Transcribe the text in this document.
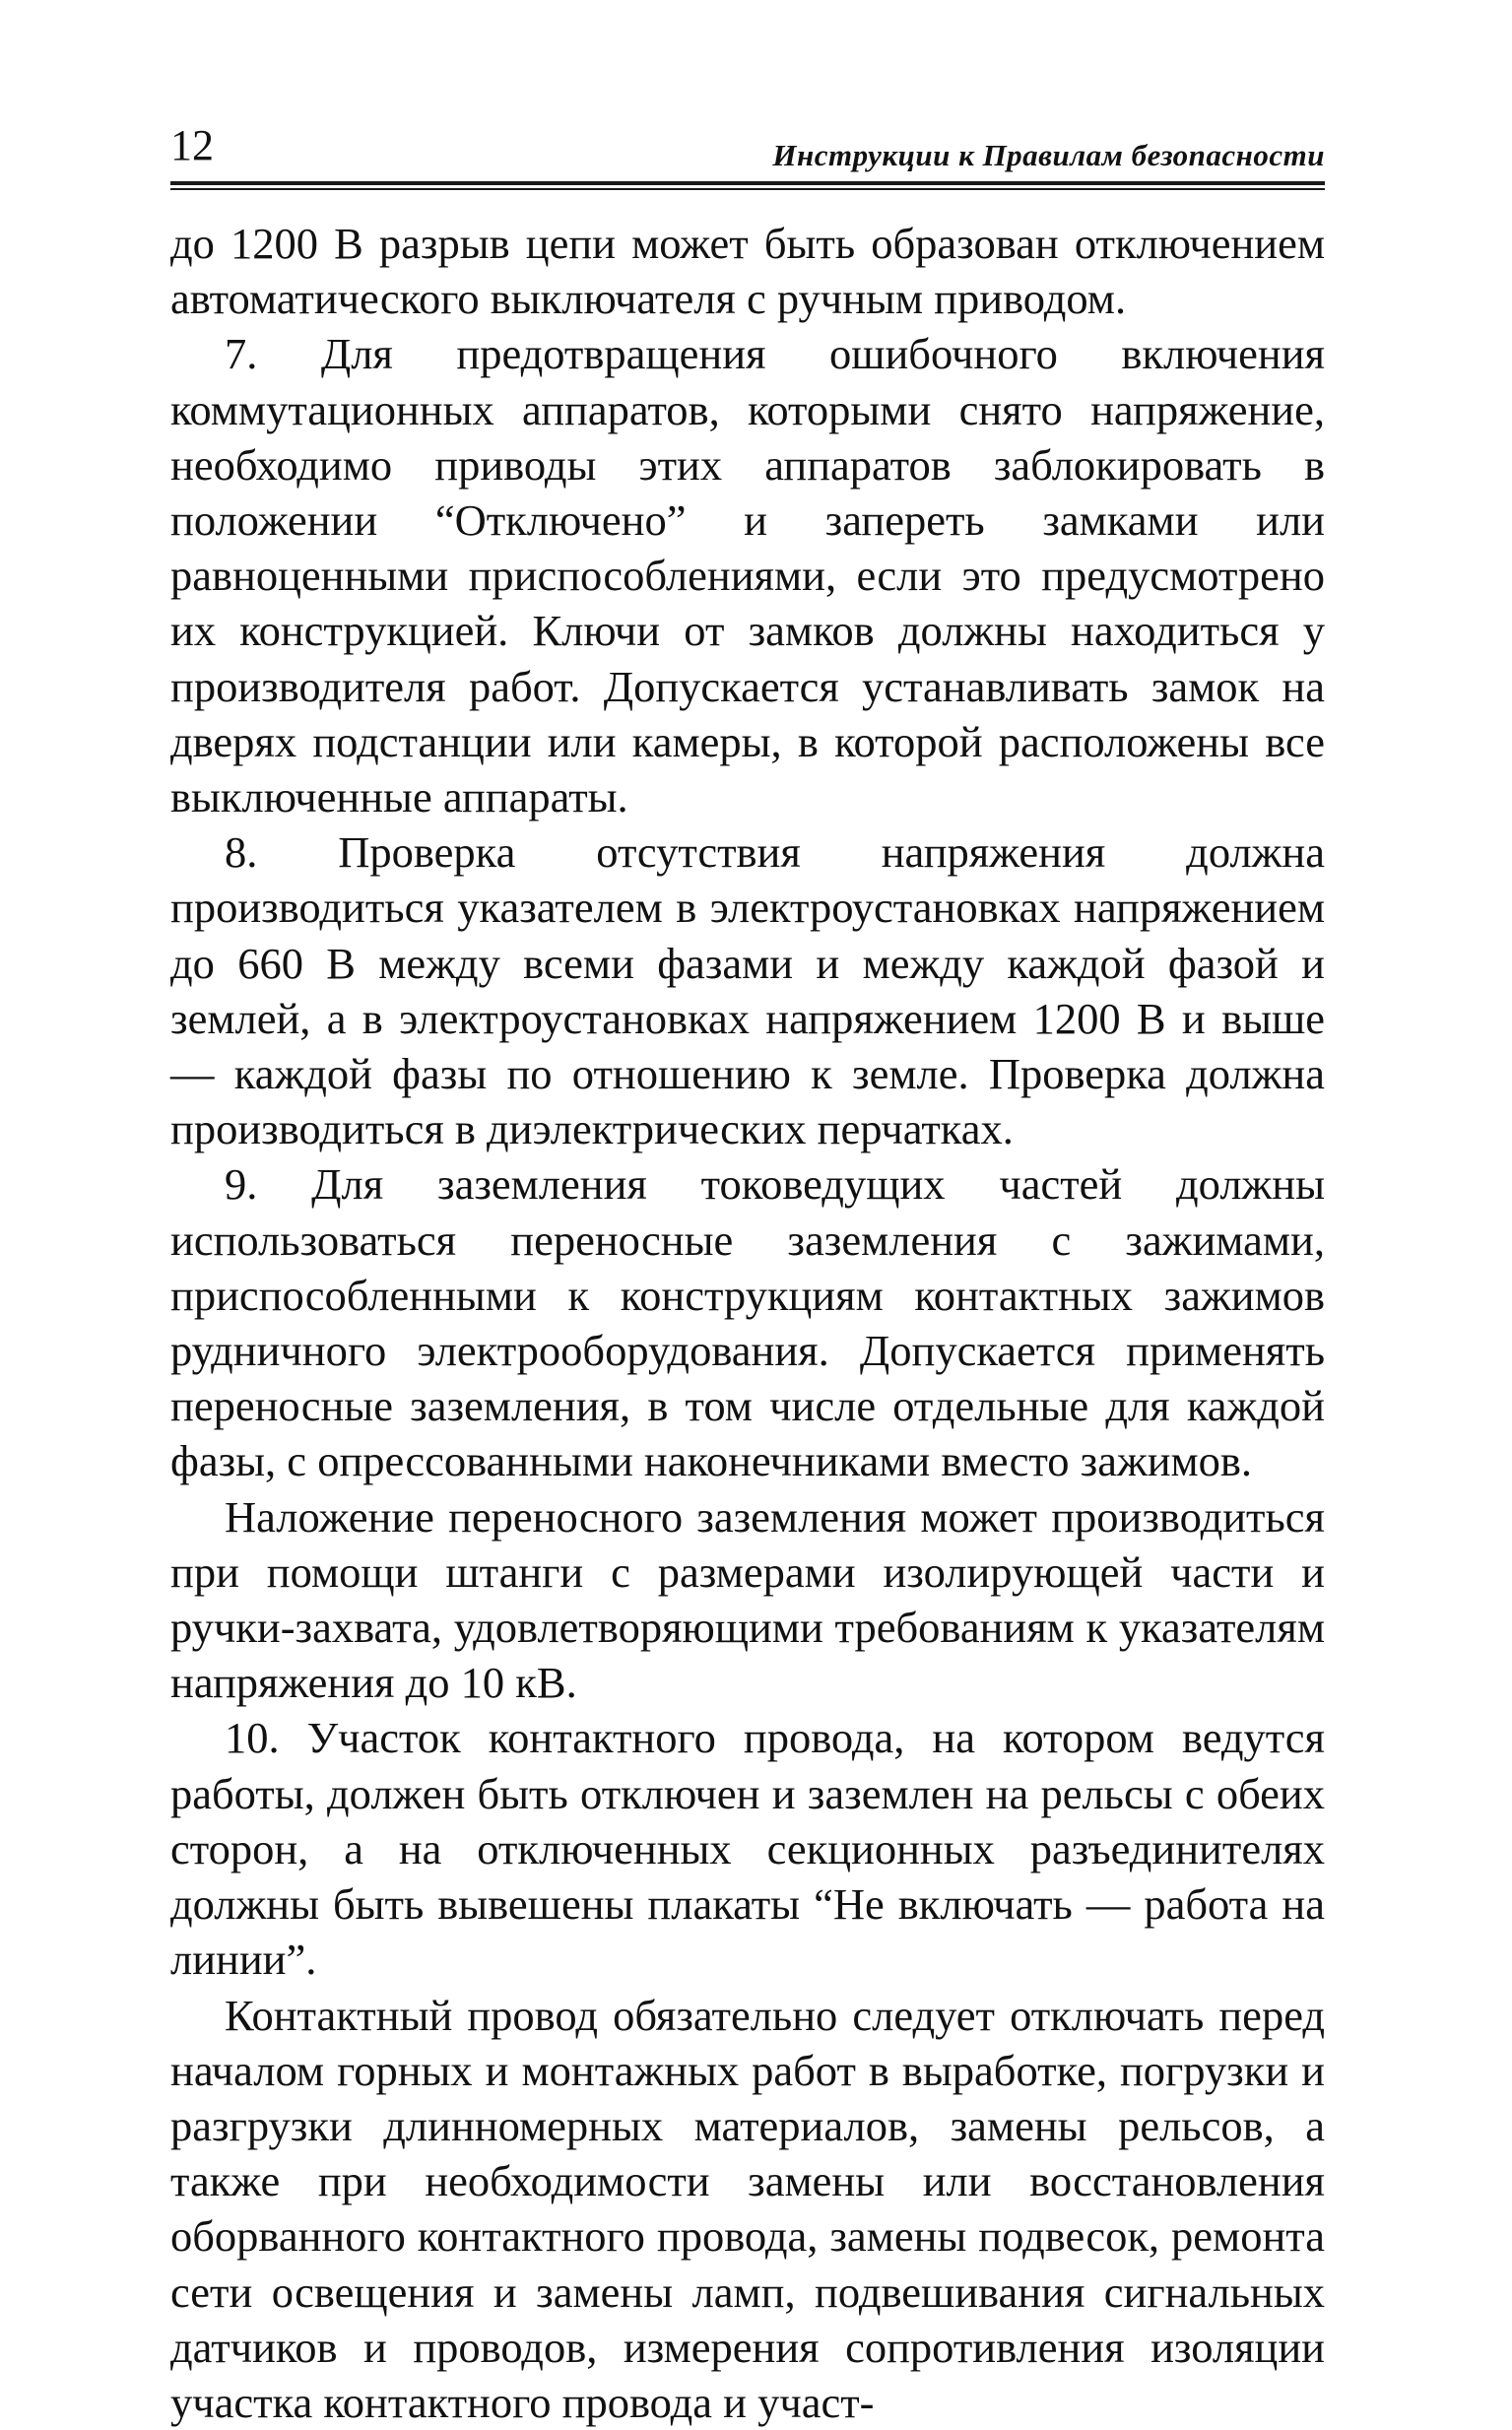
12	Инструкции к Правилам безопасности

до 1200 В разрыв цепи может быть образован отключением автоматического выключателя с ручным приводом.

7. Для предотвращения ошибочного включения коммутационных аппаратов, которыми снято напряжение, необходимо приводы этих аппаратов заблокировать в положении “Отключено” и запереть замками или равноценными приспособлениями, если это предусмотрено их конструкцией. Ключи от замков должны находиться у производителя работ. Допускается устанавливать замок на дверях подстанции или камеры, в которой расположены все выключенные аппараты.

8. Проверка отсутствия напряжения должна производиться указателем в электроустановках напряжением до 660 В между всеми фазами и между каждой фазой и землей, а в электроустановках напряжением 1200 В и выше — каждой фазы по отношению к земле. Проверка должна производиться в диэлектрических перчатках.

9. Для заземления токоведущих частей должны использоваться переносные заземления с зажимами, приспособленными к конструкциям контактных зажимов рудничного электрооборудования. Допускается применять переносные заземления, в том числе отдельные для каждой фазы, с опрессованными наконечниками вместо зажимов.

Наложение переносного заземления может производиться при помощи штанги с размерами изолирующей части и ручки-захвата, удовлетворяющими требованиям к указателям напряжения до 10 кВ.

10. Участок контактного провода, на котором ведутся работы, должен быть отключен и заземлен на рельсы с обеих сторон, а на отключенных секционных разъединителях должны быть вывешены плакаты “Не включать — работа на линии”.

Контактный провод обязательно следует отключать перед началом горных и монтажных работ в выработке, погрузки и разгрузки длинномерных материалов, замены рельсов, а также при необходимости замены или восстановления оборванного контактного провода, замены подвесок, ремонта сети освещения и замены ламп, подвешивания сигнальных датчиков и проводов, измерения сопротивления изоляции участка контактного провода и участ-
